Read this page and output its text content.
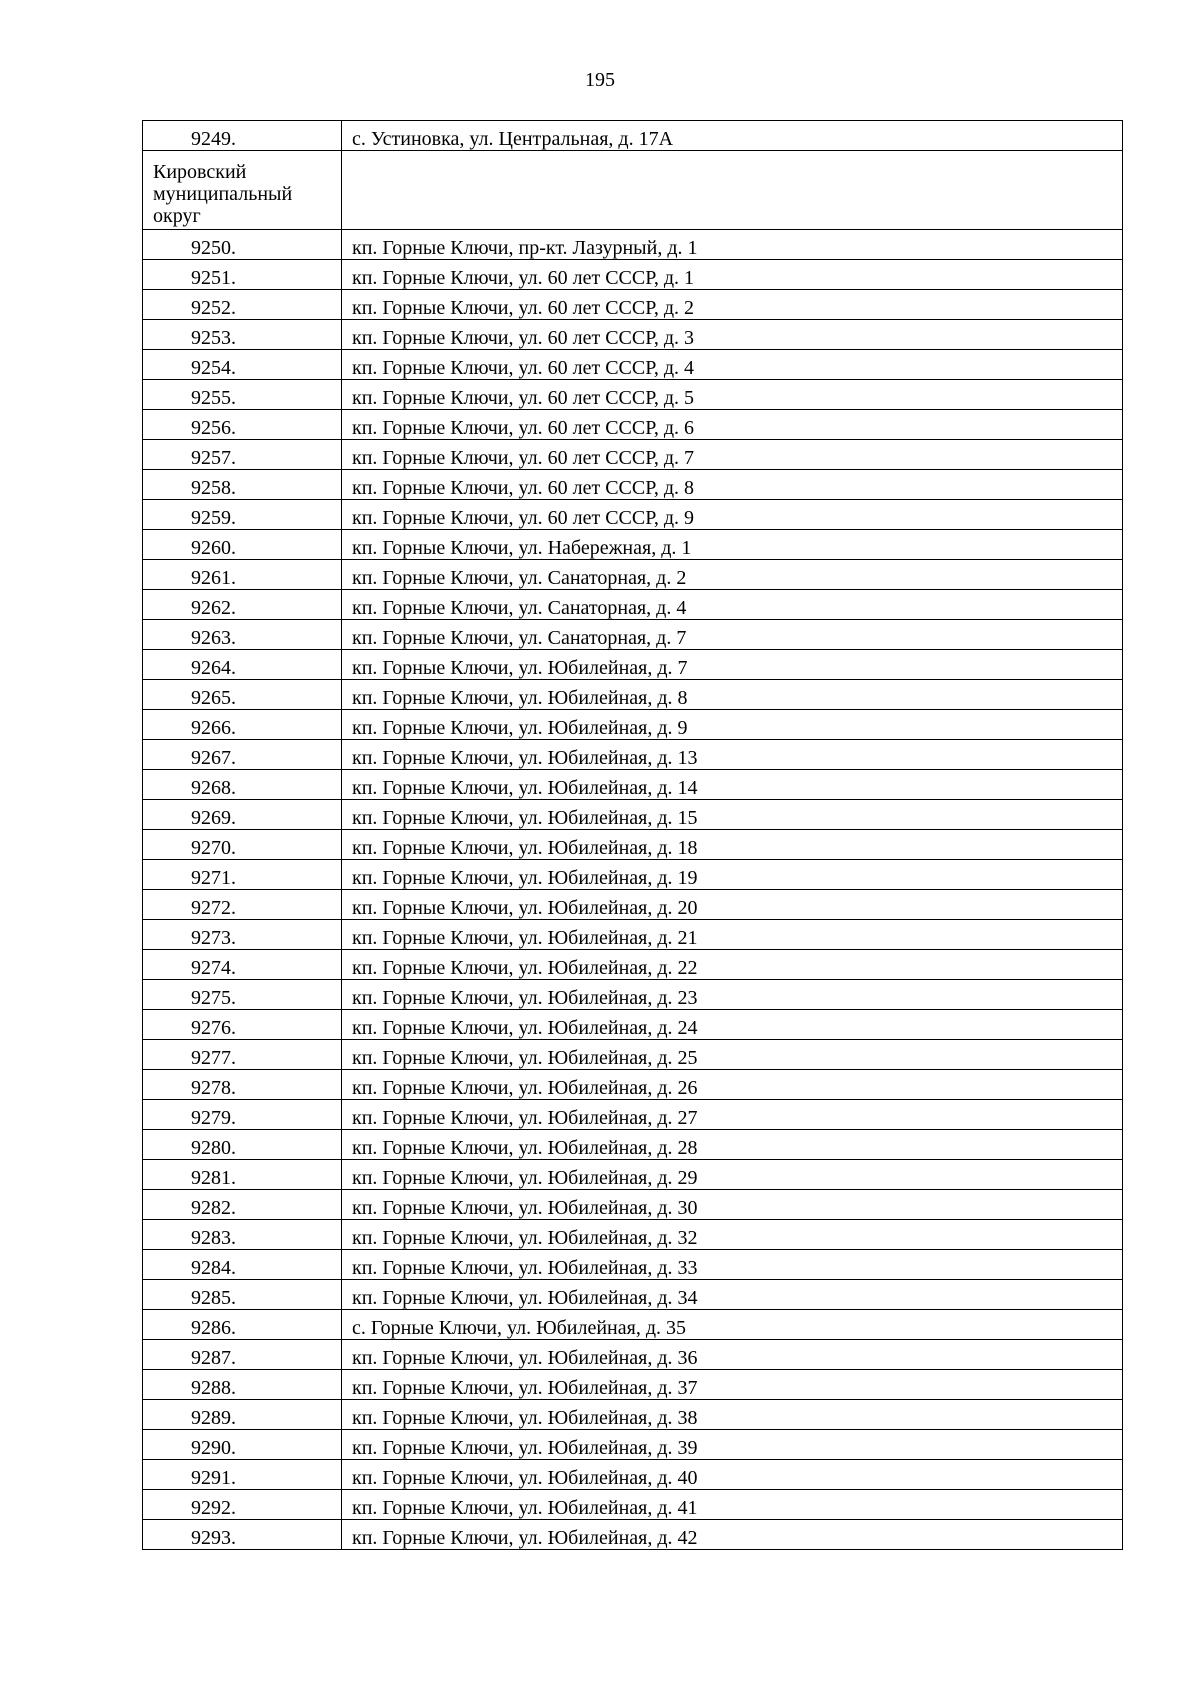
195
9249.	с. Устиновка, ул. Центральная, д. 17А
Кировский муниципальный округ	
9250.	кп. Горные Ключи, пр-кт. Лазурный, д. 1
9251.	кп. Горные Ключи, ул. 60 лет СССР, д. 1
9252.	кп. Горные Ключи, ул. 60 лет СССР, д. 2
9253.	кп. Горные Ключи, ул. 60 лет СССР, д. 3
9254.	кп. Горные Ключи, ул. 60 лет СССР, д. 4
9255.	кп. Горные Ключи, ул. 60 лет СССР, д. 5
9256.	кп. Горные Ключи, ул. 60 лет СССР, д. 6
9257.	кп. Горные Ключи, ул. 60 лет СССР, д. 7
9258.	кп. Горные Ключи, ул. 60 лет СССР, д. 8
9259.	кп. Горные Ключи, ул. 60 лет СССР, д. 9
9260.	кп. Горные Ключи, ул. Набережная, д. 1
9261.	кп. Горные Ключи, ул. Санаторная, д. 2
9262.	кп. Горные Ключи, ул. Санаторная, д. 4
9263.	кп. Горные Ключи, ул. Санаторная, д. 7
9264.	кп. Горные Ключи, ул. Юбилейная, д. 7
9265.	кп. Горные Ключи, ул. Юбилейная, д. 8
9266.	кп. Горные Ключи, ул. Юбилейная, д. 9
9267.	кп. Горные Ключи, ул. Юбилейная, д. 13
9268.	кп. Горные Ключи, ул. Юбилейная, д. 14
9269.	кп. Горные Ключи, ул. Юбилейная, д. 15
9270.	кп. Горные Ключи, ул. Юбилейная, д. 18
9271.	кп. Горные Ключи, ул. Юбилейная, д. 19
9272.	кп. Горные Ключи, ул. Юбилейная, д. 20
9273.	кп. Горные Ключи, ул. Юбилейная, д. 21
9274.	кп. Горные Ключи, ул. Юбилейная, д. 22
9275.	кп. Горные Ключи, ул. Юбилейная, д. 23
9276.	кп. Горные Ключи, ул. Юбилейная, д. 24
9277.	кп. Горные Ключи, ул. Юбилейная, д. 25
9278.	кп. Горные Ключи, ул. Юбилейная, д. 26
9279.	кп. Горные Ключи, ул. Юбилейная, д. 27
9280.	кп. Горные Ключи, ул. Юбилейная, д. 28
9281.	кп. Горные Ключи, ул. Юбилейная, д. 29
9282.	кп. Горные Ключи, ул. Юбилейная, д. 30
9283.	кп. Горные Ключи, ул. Юбилейная, д. 32
9284.	кп. Горные Ключи, ул. Юбилейная, д. 33
9285.	кп. Горные Ключи, ул. Юбилейная, д. 34
9286.	с. Горные Ключи, ул. Юбилейная, д. 35
9287.	кп. Горные Ключи, ул. Юбилейная, д. 36
9288.	кп. Горные Ключи, ул. Юбилейная, д. 37
9289.	кп. Горные Ключи, ул. Юбилейная, д. 38
9290.	кп. Горные Ключи, ул. Юбилейная, д. 39
9291.	кп. Горные Ключи, ул. Юбилейная, д. 40
9292.	кп. Горные Ключи, ул. Юбилейная, д. 41
9293.	кп. Горные Ключи, ул. Юбилейная, д. 42
